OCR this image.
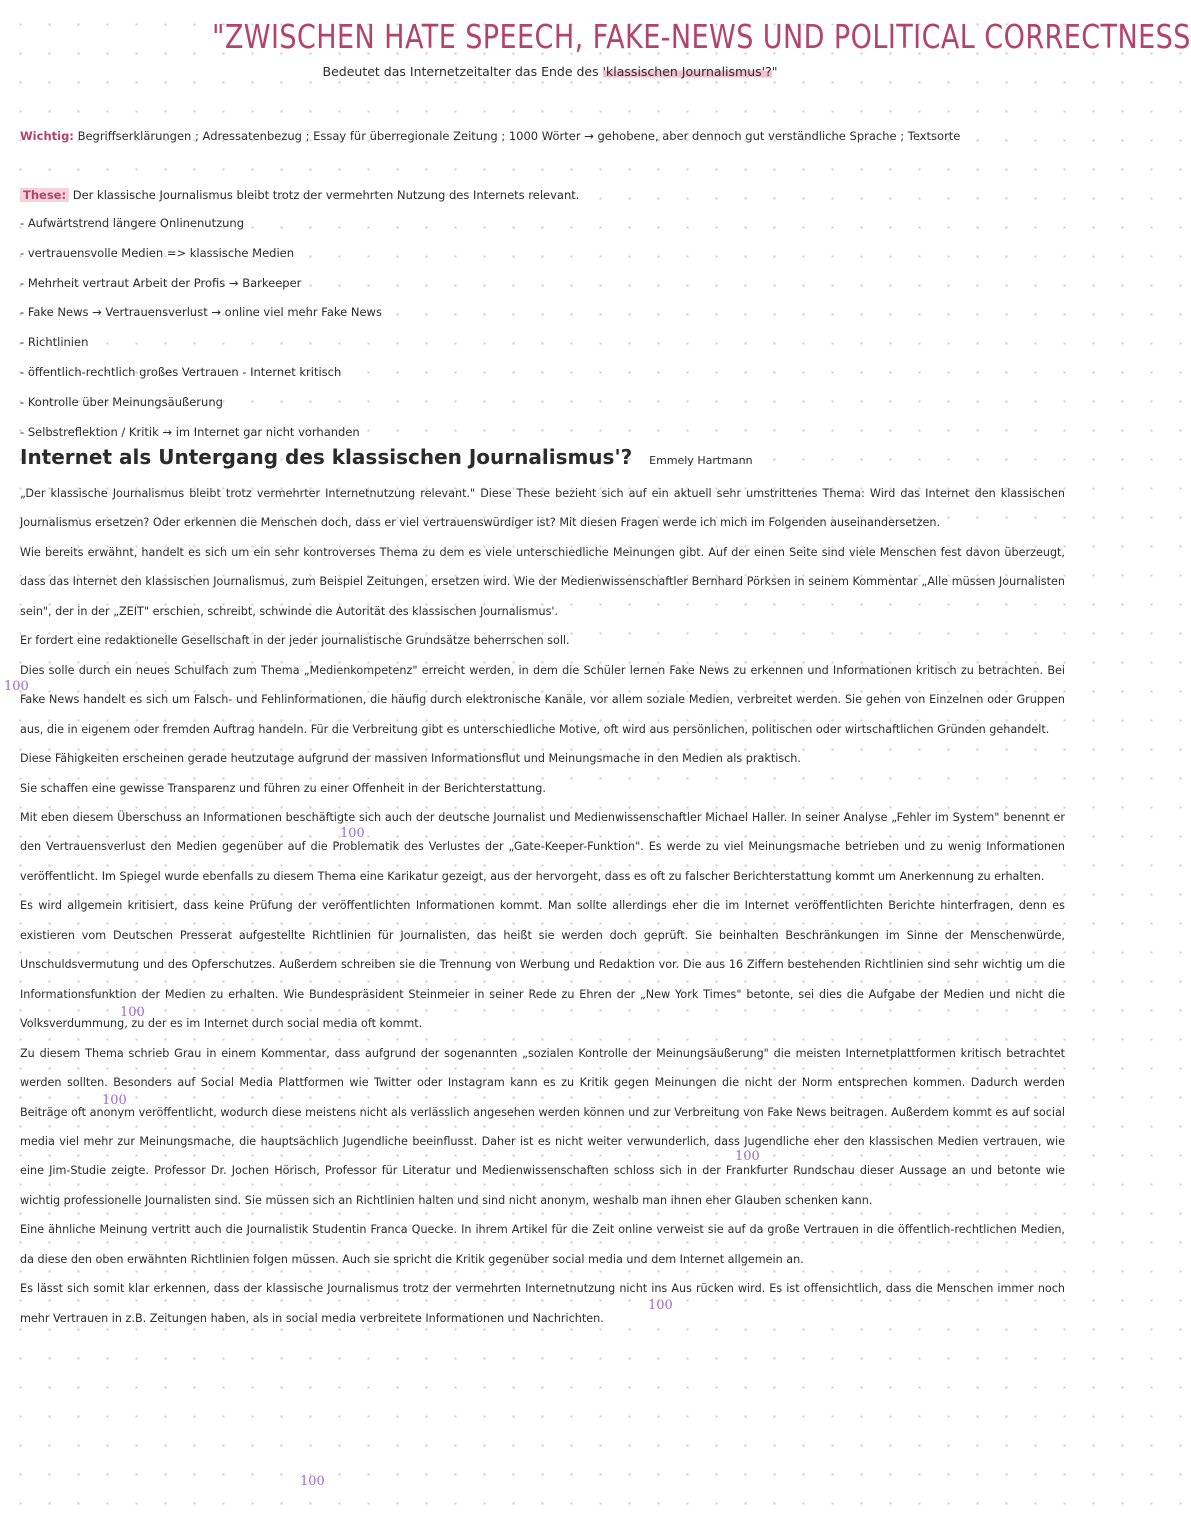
"ZWISCHEN HATE SPEECH, FAKE-NEWS UND POLITICAL CORRECTNESS
Bedeutet das Internetzeitalter das Ende des 'klassischen Journalismus'?"
Wichtig: Begriffserklärungen ; Adressatenbezug ; Essay für überregionale Zeitung ; 1000 Wörter → gehobene, aber dennoch gut verständliche Sprache ; Textsorte
These: Der klassische Journalismus bleibt trotz der vermehrten Nutzung des Internets relevant.
- Aufwärtstrend längere Onlinenutzung
- vertrauensvolle Medien => klassische Medien
- Mehrheit vertraut Arbeit der Profis → Barkeeper
- Fake News → Vertrauensverlust → online viel mehr Fake News
- Richtlinien
- öffentlich-rechtlich großes Vertrauen - Internet kritisch
- Kontrolle über Meinungsäußerung
- Selbstreflektion / Kritik → im Internet gar nicht vorhanden
Internet als Untergang des klassischen Journalismus'? Emmely Hartmann

„Der klassische Journalismus bleibt trotz vermehrter Internetnutzung relevant." Diese These bezieht sich auf ein aktuell sehr umstrittenes Thema: Wird das Internet den klassischen Journalismus ersetzen? Oder erkennen die Menschen doch, dass er viel vertrauenswürdiger ist? Mit diesen Fragen werde ich mich im Folgenden auseinandersetzen.

Wie bereits erwähnt, handelt es sich um ein sehr kontroverses Thema zu dem es viele unterschiedliche Meinungen gibt. Auf der einen Seite sind viele Menschen fest davon überzeugt, dass das Internet den klassischen Journalismus, zum Beispiel Zeitungen, ersetzen wird. Wie der Medienwissenschaftler Bernhard Pörksen in seinem Kommentar „Alle müssen Journalisten sein", der in der „ZEIT" erschien, schreibt, schwinde die Autorität des klassischen Journalismus'.

Er fordert eine redaktionelle Gesellschaft in der jeder journalistische Grundsätze beherrschen soll.

Dies solle durch ein neues Schulfach zum Thema „Medienkompetenz" erreicht werden, in dem die Schüler lernen Fake News zu erkennen und Informationen kritisch zu betrachten. Bei Fake News handelt es sich um Falsch- und Fehlinformationen, die häufig durch elektronische Kanäle, vor allem soziale Medien, verbreitet werden. Sie gehen von Einzelnen oder Gruppen aus, die in eigenem oder fremden Auftrag handeln. Für die Verbreitung gibt es unterschiedliche Motive, oft wird aus persönlichen, politischen oder wirtschaftlichen Gründen gehandelt.

Diese Fähigkeiten erscheinen gerade heutzutage aufgrund der massiven Informationsflut und Meinungsmache in den Medien als praktisch.

Sie schaffen eine gewisse Transparenz und führen zu einer Offenheit in der Berichterstattung.

Mit eben diesem Überschuss an Informationen beschäftigte sich auch der deutsche Journalist und Medienwissenschaftler Michael Haller. In seiner Analyse „Fehler im System" benennt er den Vertrauensverlust den Medien gegenüber auf die Problematik des Verlustes der „Gate-Keeper-Funktion". Es werde zu viel Meinungsmache betrieben und zu wenig Informationen veröffentlicht. Im Spiegel wurde ebenfalls zu diesem Thema eine Karikatur gezeigt, aus der hervorgeht, dass es oft zu falscher Berichterstattung kommt um Anerkennung zu erhalten.

Es wird allgemein kritisiert, dass keine Prüfung der veröffentlichten Informationen kommt. Man sollte allerdings eher die im Internet veröffentlichten Berichte hinterfragen, denn es existieren vom Deutschen Presserat aufgestellte Richtlinien für Journalisten, das heißt sie werden doch geprüft. Sie beinhalten Beschränkungen im Sinne der Menschenwürde, Unschuldsvermutung und des Opferschutzes. Außerdem schreiben sie die Trennung von Werbung und Redaktion vor. Die aus 16 Ziffern bestehenden Richtlinien sind sehr wichtig um die Informationsfunktion der Medien zu erhalten. Wie Bundespräsident Steinmeier in seiner Rede zu Ehren der „New York Times" betonte, sei dies die Aufgabe der Medien und nicht die Volksverdummung, zu der es im Internet durch social media oft kommt.

Zu diesem Thema schrieb Grau in einem Kommentar, dass aufgrund der sogenannten „sozialen Kontrolle der Meinungsäußerung" die meisten Internetplattformen kritisch betrachtet werden sollten. Besonders auf Social Media Plattformen wie Twitter oder Instagram kann es zu Kritik gegen Meinungen die nicht der Norm entsprechen kommen. Dadurch werden Beiträge oft anonym veröffentlicht, wodurch diese meistens nicht als verlässlich angesehen werden können und zur Verbreitung von Fake News beitragen. Außerdem kommt es auf social media viel mehr zur Meinungsmache, die hauptsächlich Jugendliche beeinflusst. Daher ist es nicht weiter verwunderlich, dass Jugendliche eher den klassischen Medien vertrauen, wie eine Jim-Studie zeigte. Professor Dr. Jochen Hörisch, Professor für Literatur und Medienwissenschaften schloss sich in der Frankfurter Rundschau dieser Aussage an und betonte wie wichtig professionelle Journalisten sind. Sie müssen sich an Richtlinien halten und sind nicht anonym, weshalb man ihnen eher Glauben schenken kann.

Eine ähnliche Meinung vertritt auch die Journalistik Studentin Franca Quecke. In ihrem Artikel für die Zeit online verweist sie auf da große Vertrauen in die öffentlich-rechtlichen Medien, da diese den oben erwähnten Richtlinien folgen müssen. Auch sie spricht die Kritik gegenüber social media und dem Internet allgemein an.

Es lässt sich somit klar erkennen, dass der klassische Journalismus trotz der vermehrten Internetnutzung nicht ins Aus rücken wird. Es ist offensichtlich, dass die Menschen immer noch mehr Vertrauen in z.B. Zeitungen haben, als in social media verbreitete Informationen und Nachrichten.

100
100
100
100
100
100
100
